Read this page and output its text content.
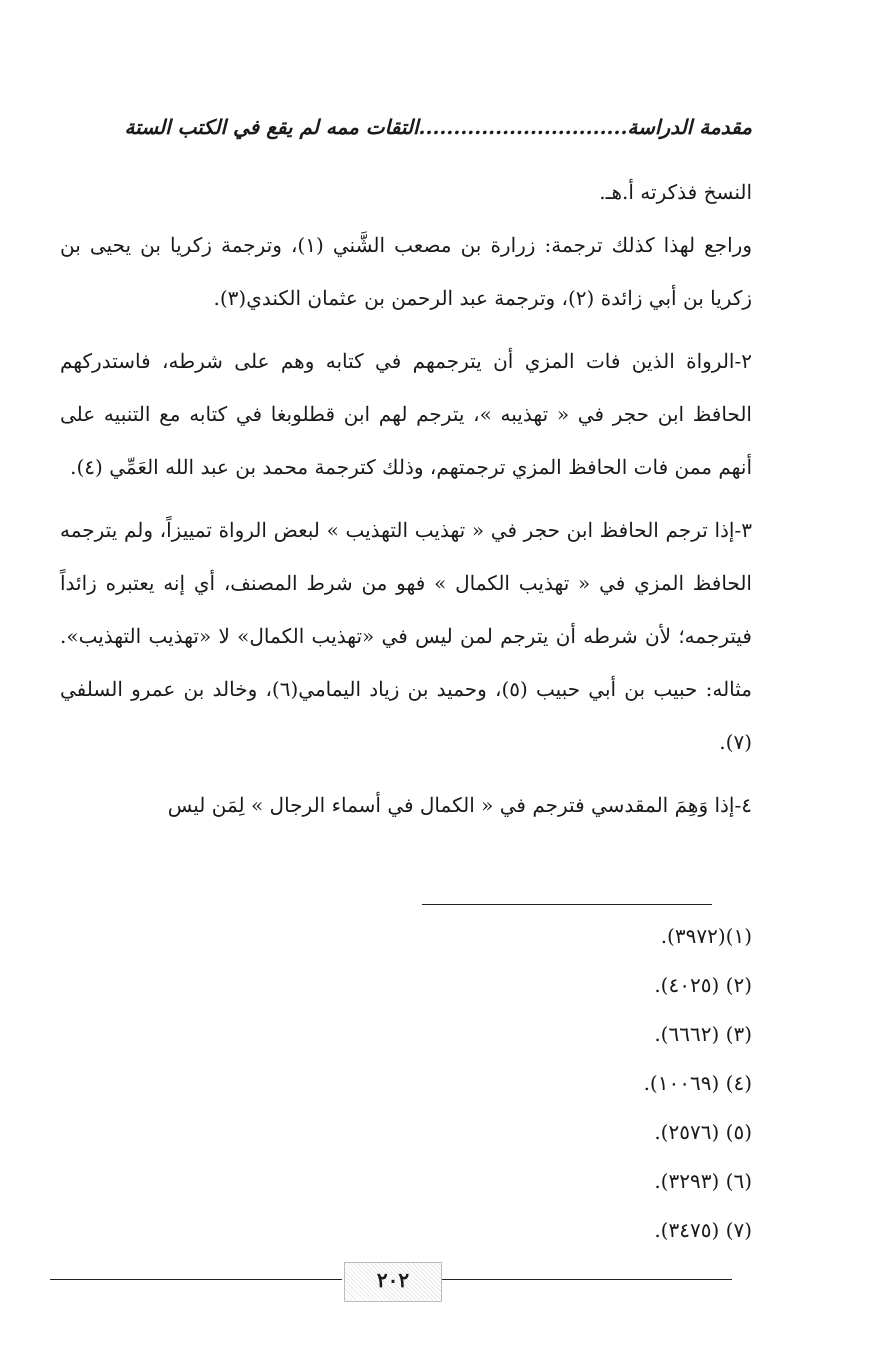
مقدمة الدراسة..............................التقات ممه لم يقع في الكتب الستة

النسخ فذكرته أ.هـ.

وراجع لهذا كذلك ترجمة: زرارة بن مصعب الشَّني (١)، وترجمة زكريا بن يحيى بن زكريا بن أبي زائدة (٢)، وترجمة عبد الرحمن بن عثمان الكندي(٣).

٢-الرواة الذين فات المزي أن يترجمهم في كتابه وهم على شرطه، فاستدركهم الحافظ ابن حجر في « تهذيبه »، يترجم لهم ابن قطلوبغا في كتابه مع التنبيه على أنهم ممن فات الحافظ المزي ترجمتهم، وذلك كترجمة محمد بن عبد الله العَمِّي (٤).

٣-إذا ترجم الحافظ ابن حجر في « تهذيب التهذيب » لبعض الرواة تمييزاً، ولم يترجمه الحافظ المزي في « تهذيب الكمال » فهو من شرط المصنف، أي إنه يعتبره زائداً فيترجمه؛ لأن شرطه أن يترجم لمن ليس في «تهذيب الكمال» لا «تهذيب التهذيب». مثاله: حبيب بن أبي حبيب (٥)، وحميد بن زياد اليمامي(٦)، وخالد بن عمرو السلفي (٧).

٤-إذا وَهِمَ المقدسي فترجم في « الكمال في أسماء الرجال » لِمَن ليس

(١)(٣٩٧٢).
(٢) (٤٠٢٥).
(٣) (٦٦٦٢).
(٤) (١٠٠٦٩).
(٥) (٢٥٧٦).
(٦) (٣٢٩٣).
(٧) (٣٤٧٥).
٢٠٢
